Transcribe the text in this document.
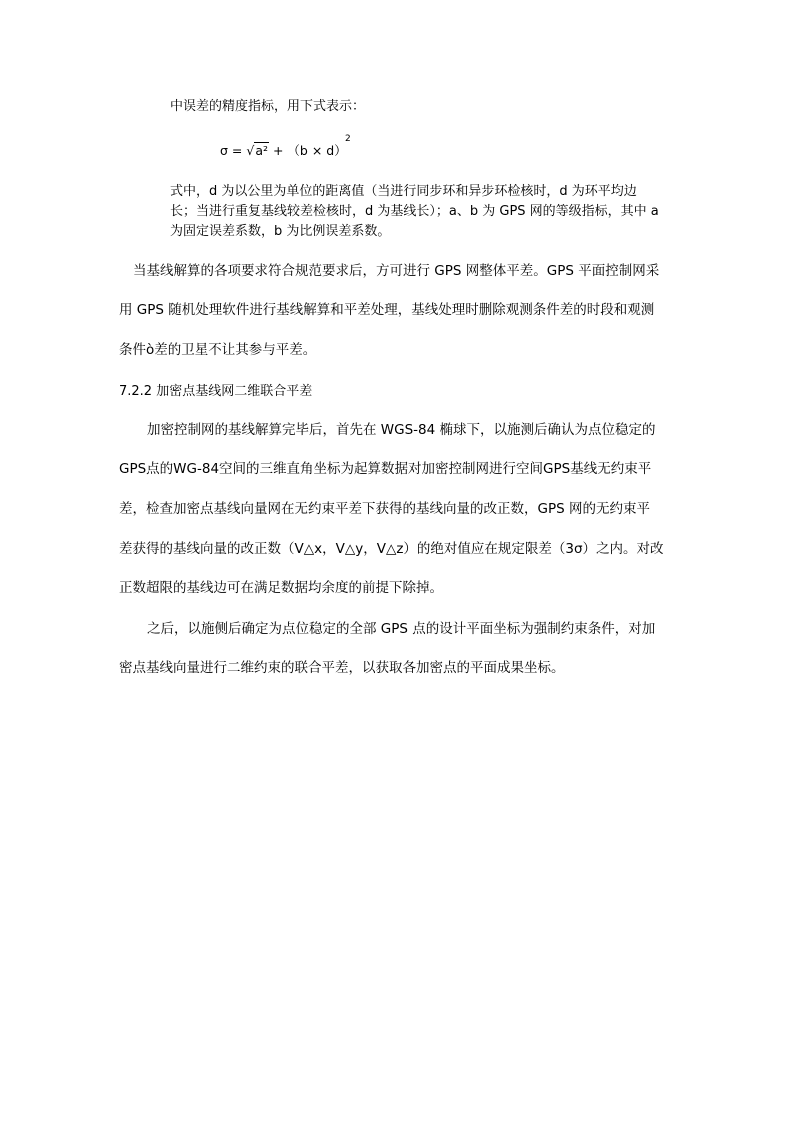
中误差的精度指标，用下式表示：
σ = √a² + （b × d）
2
式中，d 为以公里为单位的距离值（当进行同步环和异步环检核时，d 为环平均边
长；当进行重复基线较差检核时，d 为基线长）；a、b 为 GPS 网的等级指标，其中 a
为固定误差系数，b 为比例误差系数。
当基线解算的各项要求符合规范要求后，方可进行 GPS 网整体平差。GPS 平面控制网采
用 GPS 随机处理软件进行基线解算和平差处理，基线处理时删除观测条件差的时段和观测
条件ò差的卫星不让其参与平差。
7.2.2 加密点基线网二维联合平差
加密控制网的基线解算完毕后，首先在 WGS-84 椭球下，以施测后确认为点位稳定的
GPS点的WG-84空间的三维直角坐标为起算数据对加密控制网进行空间GPS基线无约束平
差，检查加密点基线向量网在无约束平差下获得的基线向量的改正数，GPS 网的无约束平
差获得的基线向量的改正数（V△x，V△y，V△z）的绝对值应在规定限差（3σ）之内。对改
正数超限的基线边可在满足数据均余度的前提下除掉。
之后，以施侧后确定为点位稳定的全部 GPS 点的设计平面坐标为强制约束条件，对加
密点基线向量进行二维约束的联合平差，以获取各加密点的平面成果坐标。
